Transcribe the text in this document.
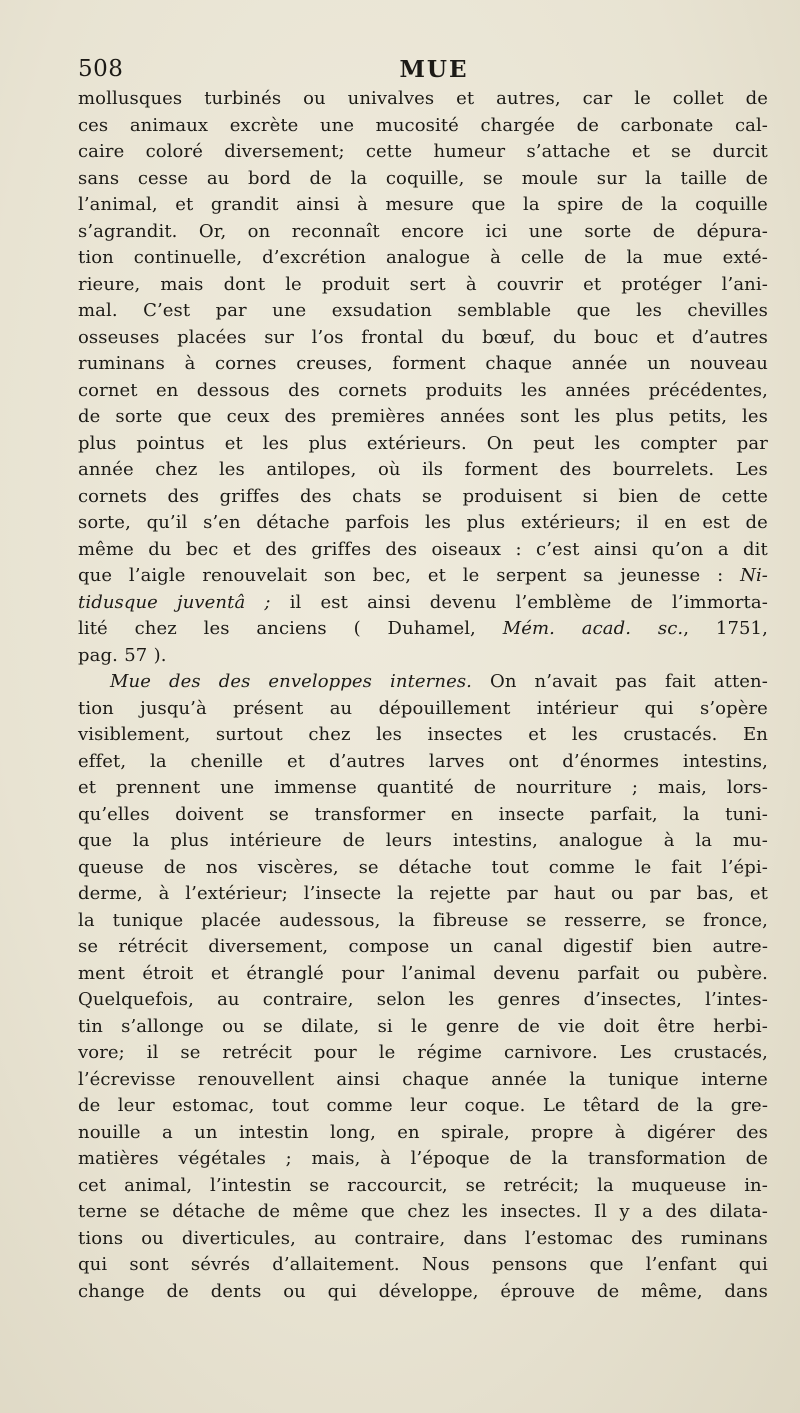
508	MUE
mollusques turbinés ou univalves et autres, car le collet de
ces animaux excrète une mucosité chargée de carbonate cal-
caire coloré diversement; cette humeur s’attache et se durcit
sans cesse au bord de la coquille, se moule sur la taille de
l’animal, et grandit ainsi à mesure que la spire de la coquille
s’agrandit. Or, on reconnaît encore ici une sorte de dépura-
tion continuelle, d’excrétion analogue à celle de la mue exté-
rieure, mais dont le produit sert à couvrir et protéger l’ani-
mal. C’est par une exsudation semblable que les chevilles
osseuses placées sur l’os frontal du bœuf, du bouc et d’autres
ruminans à cornes creuses, forment chaque année un nouveau
cornet en dessous des cornets produits les années précédentes,
de sorte que ceux des premières années sont les plus petits, les
plus pointus et les plus extérieurs. On peut les compter par
année chez les antilopes, où ils forment des bourrelets. Les
cornets des griffes des chats se produisent si bien de cette
sorte, qu’il s’en détache parfois les plus extérieurs; il en est de
même du bec et des griffes des oiseaux : c’est ainsi qu’on a dit
que l’aigle renouvelait son bec, et le serpent sa jeunesse : Ni-
tidusque juventâ ; il est ainsi devenu l’emblème de l’immorta-
lité chez les anciens ( Duhamel, Mém. acad. sc., 1751,
pag. 57 ).
Mue des des enveloppes internes. On n’avait pas fait atten-
tion jusqu’à présent au dépouillement intérieur qui s’opère
visiblement, surtout chez les insectes et les crustacés. En
effet, la chenille et d’autres larves ont d’énormes intestins,
et prennent une immense quantité de nourriture ; mais, lors-
qu’elles doivent se transformer en insecte parfait, la tuni-
que la plus intérieure de leurs intestins, analogue à la mu-
queuse de nos viscères, se détache tout comme le fait l’épi-
derme, à l’extérieur; l’insecte la rejette par haut ou par bas, et
la tunique placée audessous, la fibreuse se resserre, se fronce,
se rétrécit diversement, compose un canal digestif bien autre-
ment étroit et étranglé pour l’animal devenu parfait ou pubère.
Quelquefois, au contraire, selon les genres d’insectes, l’intes-
tin s’allonge ou se dilate, si le genre de vie doit être herbi-
vore; il se retrécit pour le régime carnivore. Les crustacés,
l’écrevisse renouvellent ainsi chaque année la tunique interne
de leur estomac, tout comme leur coque. Le têtard de la gre-
nouille a un intestin long, en spirale, propre à digérer des
matières végétales ; mais, à l’époque de la transformation de
cet animal, l’intestin se raccourcit, se retrécit; la muqueuse in-
terne se détache de même que chez les insectes. Il y a des dilata-
tions ou diverticules, au contraire, dans l’estomac des ruminans
qui sont sévrés d’allaitement. Nous pensons que l’enfant qui
change de dents ou qui développe, éprouve de même, dans
